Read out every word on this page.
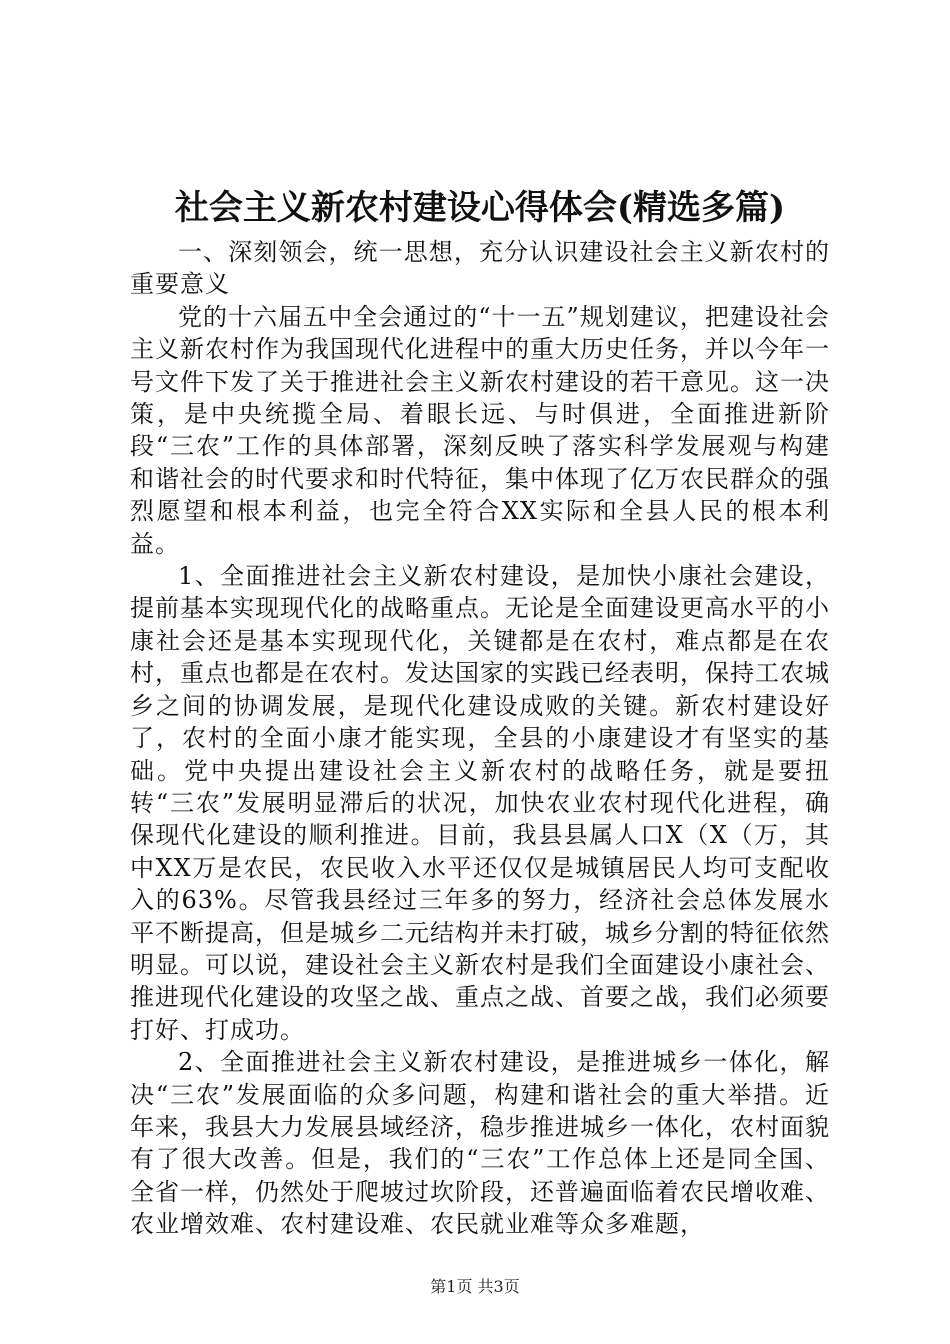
社会主义新农村建设心得体会(精选多篇)

一、深刻领会，统一思想，充分认识建设社会主义新农村的重要意义

党的十六届五中全会通过的“十一五”规划建议，把建设社会主义新农村作为我国现代化进程中的重大历史任务，并以今年一号文件下发了关于推进社会主义新农村建设的若干意见。这一决策，是中央统揽全局、着眼长远、与时俱进，全面推进新阶段“三农”工作的具体部署，深刻反映了落实科学发展观与构建和谐社会的时代要求和时代特征，集中体现了亿万农民群众的强烈愿望和根本利益，也完全符合XX实际和全县人民的根本利益。

1、全面推进社会主义新农村建设，是加快小康社会建设，提前基本实现现代化的战略重点。无论是全面建设更高水平的小康社会还是基本实现现代化，关键都是在农村，难点都是在农村，重点也都是在农村。发达国家的实践已经表明，保持工农城乡之间的协调发展，是现代化建设成败的关键。新农村建设好了，农村的全面小康才能实现，全县的小康建设才有坚实的基础。党中央提出建设社会主义新农村的战略任务，就是要扭转“三农”发展明显滞后的状况，加快农业农村现代化进程，确保现代化建设的顺利推进。目前，我县县属人口X（X（万，其中XX万是农民，农民收入水平还仅仅是城镇居民人均可支配收入的63%。尽管我县经过三年多的努力，经济社会总体发展水平不断提高，但是城乡二元结构并未打破，城乡分割的特征依然明显。可以说，建设社会主义新农村是我们全面建设小康社会、推进现代化建设的攻坚之战、重点之战、首要之战，我们必须要打好、打成功。

2、全面推进社会主义新农村建设，是推进城乡一体化，解决“三农”发展面临的众多问题，构建和谐社会的重大举措。近年来，我县大力发展县域经济，稳步推进城乡一体化，农村面貌有了很大改善。但是，我们的“三农”工作总体上还是同全国、全省一样，仍然处于爬坡过坎阶段，还普遍面临着农民增收难、农业增效难、农村建设难、农民就业难等众多难题，

第1页 共3页
